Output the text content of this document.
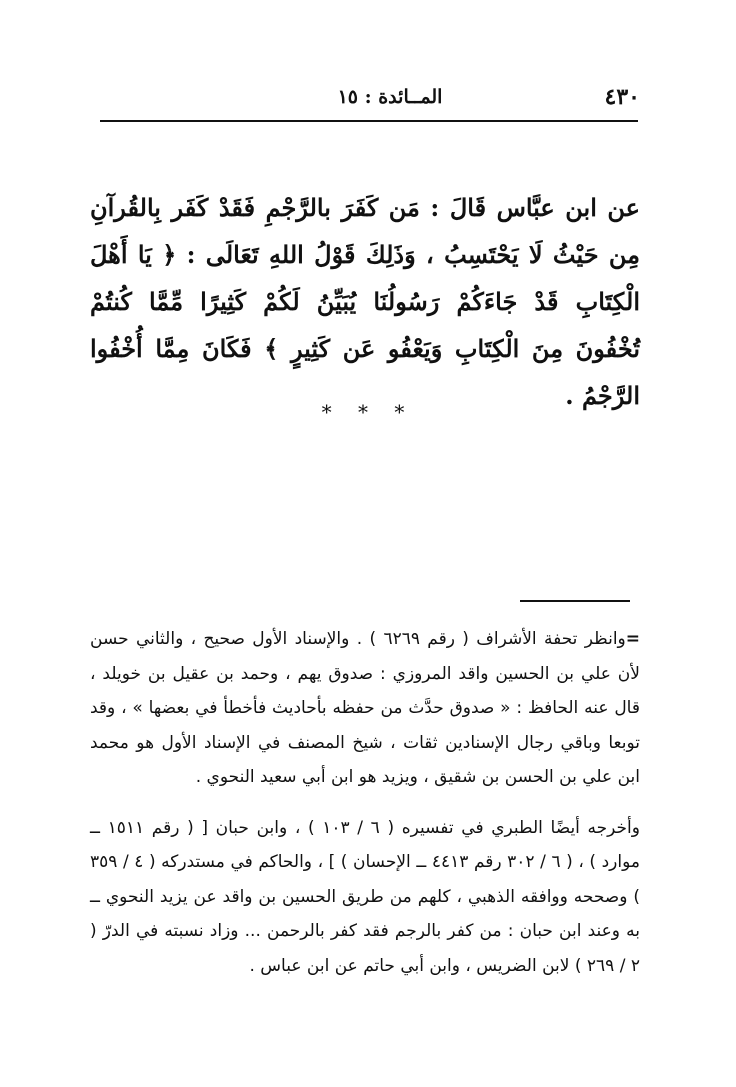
٤٣٠
المــائدة : ١٥

عن ابن عبَّاس قَالَ : مَن كَفَرَ بالرَّجْمِ فَقَدْ كَفَر بِالقُرآنِ مِن حَيْثُ لَا يَحْتَسِبُ ، وَذَلِكَ قَوْلُ اللهِ تَعَالَى : ﴿ يَا أَهْلَ الْكِتَابِ قَدْ جَاءَكُمْ رَسُولُنَا يُبَيِّنُ لَكُمْ كَثِيرًا مِّمَّا كُنتُمْ تُخْفُونَ مِنَ الْكِتَابِ وَيَعْفُو عَن كَثِيرٍ ﴾ فَكَانَ مِمَّا أُخْفُوا الرَّجْمُ .

* * *

=وانظر تحفة الأشراف ( رقم ٦٢٦٩ ) . والإسناد الأول صحيح ، والثاني حسن لأن علي بن الحسين واقد المروزي : صدوق يهم ، وحمد بن عقيل بن خويلد ، قال عنه الحافظ : « صدوق حدَّث من حفظه بأحاديث فأخطأ في بعضها » ، وقد توبعا وباقي رجال الإسنادين ثقات ، شيخ المصنف في الإسناد الأول هو محمد ابن علي بن الحسن بن شقيق ، ويزيد هو ابن أبي سعيد النحوي .

وأخرجه أيضًا الطبري في تفسيره ( ٦ / ١٠٣ ) ، وابن حبان [ ( رقم ١٥١١ ــ موارد ) ، ( ٦ / ٣٠٢ رقم ٤٤١٣ ــ الإحسان ) ] ، والحاكم في مستدركه ( ٤ / ٣٥٩ ) وصححه ووافقه الذهبي ، كلهم من طريق الحسين بن واقد عن يزيد النحوي ــ به وعند ابن حبان : من كفر بالرجم فقد كفر بالرحمن ... وزاد نسبته في الدرّ ( ٢ / ٢٦٩ ) لابن الضريس ، وابن أبي حاتم عن ابن عباس .
